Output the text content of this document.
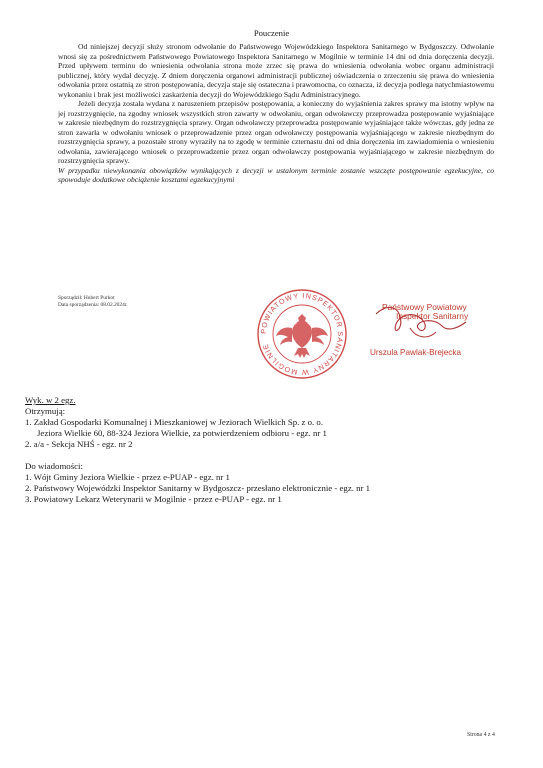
Pouczenie

Od niniejszej decyzji służy stronom odwołanie do Państwowego Wojewódzkiego Inspektora Sanitarnego w Bydgoszczy. Odwołanie wnosi się za pośrednictwem Państwowego Powiatowego Inspektora Sanitarnego w Mogilnie w terminie 14 dni od dnia doręczenia decyzji. Przed upływem terminu do wniesienia odwołania strona może zrzec się prawa do wniesienia odwołania wobec organu administracji publicznej, który wydał decyzję. Z dniem doręczenia organowi administracji publicznej oświadczenia o zrzeczeniu się prawa do wniesienia odwołania przez ostatnią ze stron postępowania, decyzja staje się ostateczna i prawomocna, co oznacza, iż decyzja podlega natychmiastowemu wykonaniu i brak jest możliwości zaskarżenia decyzji do Wojewódzkiego Sądu Administracyjnego.

Jeżeli decyzja została wydana z naruszeniem przepisów postępowania, a konieczny do wyjaśnienia zakres sprawy ma istotny wpływ na jej rozstrzygnięcie, na zgodny wniosek wszystkich stron zawarty w odwołaniu, organ odwoławczy przeprowadza postępowanie wyjaśniające w zakresie niezbędnym do rozstrzygnięcia sprawy. Organ odwoławczy przeprowadza postępowanie wyjaśniające także wówczas, gdy jedna ze stron zawarła w odwołaniu wniosek o przeprowadzenie przez organ odwoławczy postępowania wyjaśniającego w zakresie niezbędnym do rozstrzygnięcia sprawy, a pozostałe strony wyraziły na to zgodę w terminie czternastu dni od dnia doręczenia im zawiadomienia o wniesieniu odwołania, zawierającego wniosek o przeprowadzenie przez organ odwoławczy postępowania wyjaśniającego w zakresie niezbędnym do rozstrzygnięcia sprawy.

W przypadku niewykonania obowiązków wynikających z decyzji w ustalonym terminie zostanie wszczęte postępowanie egzekucyjne, co spowoduje dodatkowe obciążenie kosztami egzekucyjnymi

Sporządził: Hubert Purkot
Data sporządzenia: 08.02.2024r.
POWIATOWY INSPEKTOR SANITARNY W MOGILNIE
Państwowy Powiatowy
Inspektor Sanitarny
Urszula Pawlak-Brejecka
Wyk. w 2 egz.
Otrzymują:
1. Zakład Gospodarki Komunalnej i Mieszkaniowej w Jeziorach Wielkich Sp. z o. o.
Jeziora Wielkie 60, 88-324 Jeziora Wielkie, za potwierdzeniem odbioru - egz. nr 1
2. a/a - Sekcja NHŚ - egz. nr 2
Do wiadomości:
1. Wójt Gminy Jeziora Wielkie - przez e-PUAP - egz. nr 1
2. Państwowy Wojewódzki Inspektor Sanitarny w Bydgoszcz- przesłano elektronicznie - egz. nr 1
3. Powiatowy Lekarz Weterynarii w Mogilnie - przez e-PUAP - egz. nr 1
Strona 4 z 4
